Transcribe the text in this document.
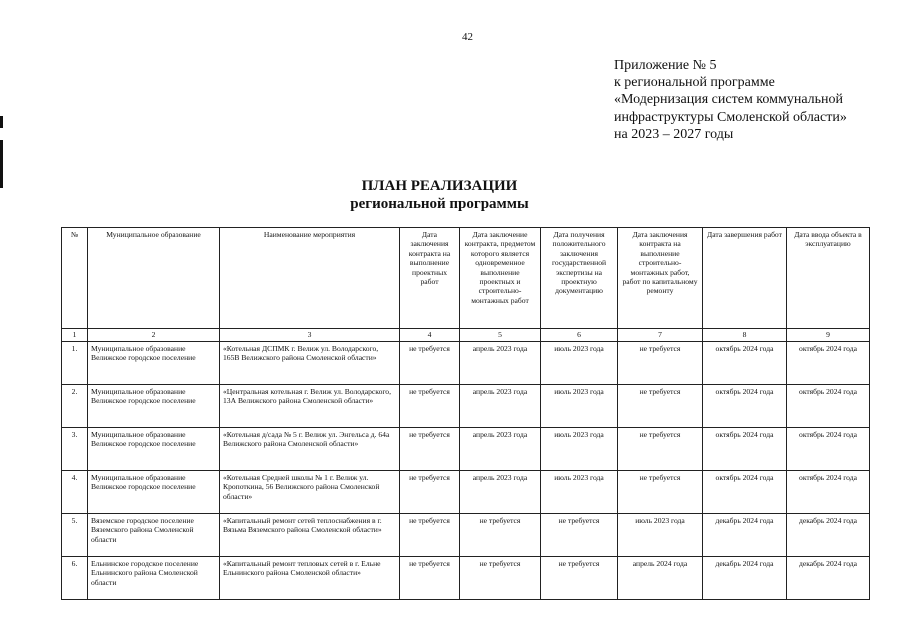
42
Приложение № 5
к региональной программе
«Модернизация систем коммунальной
инфраструктуры Смоленской области»
на 2023 – 2027 годы
ПЛАН РЕАЛИЗАЦИИ
региональной программы
№	Муниципальное образование	Наименование мероприятия	Дата заключения контракта на выполнение проектных работ	Дата заключение контракта, предметом которого является одновременное выполнение проектных и строительно-монтажных работ	Дата получения положительного заключения государственной экспертизы на проектную документацию	Дата заключения контракта на выполнение строительно-монтажных работ, работ по капитальному ремонту	Дата завершения работ	Дата ввода объекта в эксплуатацию
1	2	3	4	5	6	7	8	9
1.	Муниципальное образование Велижское городское поселение	«Котельная ДСПМК г. Велиж ул. Володарского, 165В Велижского района Смоленской области»	не требуется	апрель 2023 года	июль 2023 года	не требуется	октябрь 2024 года	октябрь 2024 года
2.	Муниципальное образование Велижское городское поселение	«Центральная котельная г. Велиж ул. Володарского, 13А Велижского района Смоленской области»	не требуется	апрель 2023 года	июль 2023 года	не требуется	октябрь 2024 года	октябрь 2024 года
3.	Муниципальное образование Велижское городское поселение	«Котельная д/сада № 5 г. Велиж ул. Энгельса д. 64а Велижского района Смоленской области»	не требуется	апрель 2023 года	июль 2023 года	не требуется	октябрь 2024 года	октябрь 2024 года
4.	Муниципальное образование Велижское городское поселение	«Котельная Средней школы № 1 г. Велиж ул. Кропоткина, 56 Велижского района Смоленской области»	не требуется	апрель 2023 года	июль 2023 года	не требуется	октябрь 2024 года	октябрь 2024 года
5.	Вяземское городское поселение Вяземского района Смоленской области	«Капитальный ремонт сетей теплоснабжения в г. Вязьма Вяземского района Смоленской области»	не требуется	не требуется	не требуется	июль 2023 года	декабрь 2024 года	декабрь 2024 года
6.	Ельнинское городское поселение Ельнинского района Смоленской области	«Капитальный ремонт тепловых сетей в г. Ельне Ельнинского района Смоленской области»	не требуется	не требуется	не требуется	апрель 2024 года	декабрь 2024 года	декабрь 2024 года
